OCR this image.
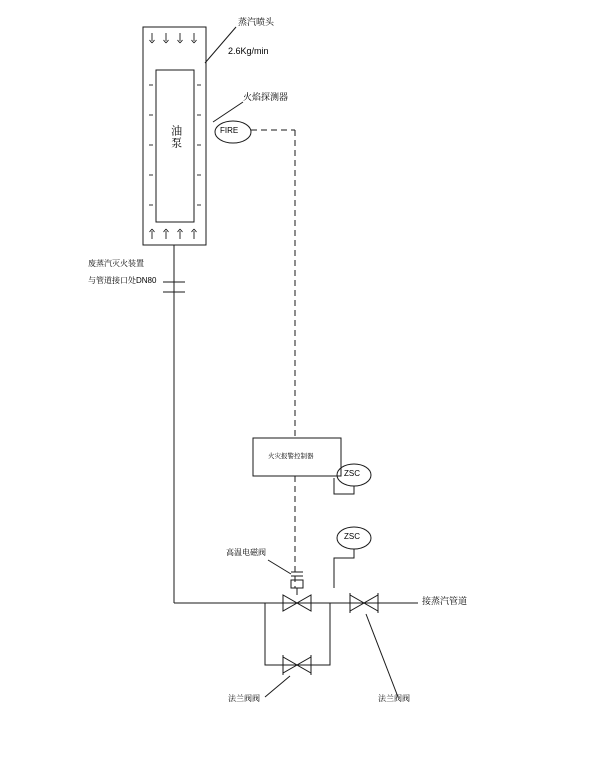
蒸汽喷头
2.6Kg/min
火焰探测器
FIRE
油泵
废蒸汽灭火装置
与管道接口处DN80
火灾报警控制器
ZSC
ZSC
高温电磁阀
接蒸汽管道
法兰阀阀	法兰阀阀
